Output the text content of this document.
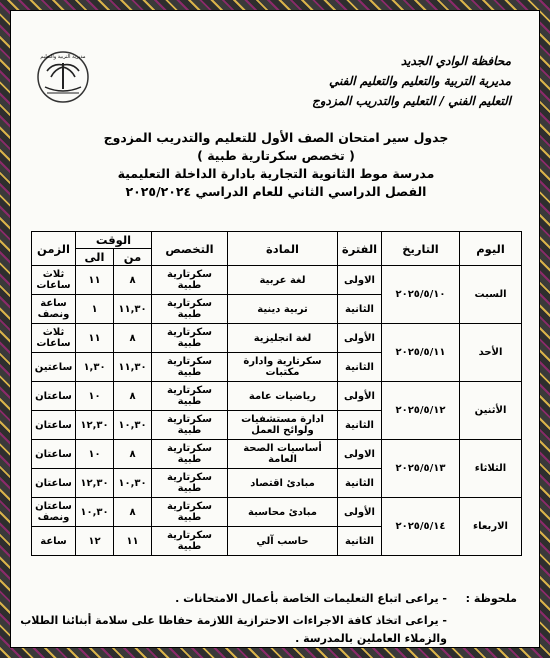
محافظة الوادي الجديد
مديرية التربية والتعليم والتعليم الفني
التعليم الفني / التعليم والتدريب المزدوج
مديرية التربية والتعليم
جدول سير امتحان الصف الأول للتعليم والتدريب المزدوج
( تخصص سكرتارية طبية )
مدرسة موط الثانوية التجارية بادارة الداخلة التعليمية
الفصل الدراسي الثاني للعام الدراسي ٢٠٢٥/٢٠٢٤
اليوم	التاريخ	الفترة	المادة	التخصص	الوقت		الزمن
					من	الى	
السبت	٢٠٢٥/٥/١٠	الاولى	لغة عربية	سكرتارية طبية	٨	١١	ثلاث ساعات
		الثانية	تربية دينية	سكرتارية طبية	١١,٣٠	١	ساعة ونصف
الأحد	٢٠٢٥/٥/١١	الأولى	لغة انجليزية	سكرتارية طبية	٨	١١	ثلاث ساعات
		الثانية	سكرتارية وادارة مكتبات	سكرتارية طبية	١١,٣٠	١,٣٠	ساعتين
الأثنين	٢٠٢٥/٥/١٢	الأولى	رياضيات عامة	سكرتارية طبية	٨	١٠	ساعتان
		الثانية	ادارة مستشفيات ولوائح العمل	سكرتارية طبية	١٠,٣٠	١٢,٣٠	ساعتان
الثلاثاء	٢٠٢٥/٥/١٣	الاولى	أساسيات الصحة العامة	سكرتارية طبية	٨	١٠	ساعتان
		الثانية	مبادئ اقتصاد	سكرتارية طبية	١٠,٣٠	١٢,٣٠	ساعتان
الاربعاء	٢٠٢٥/٥/١٤	الأولى	مبادئ محاسبة	سكرتارية طبية	٨	١٠,٣٠	ساعتان ونصف
		الثانية	حاسب آلي	سكرتارية طبية	١١	١٢	ساعة
ملحوظة :
- يراعى اتباع التعليمات الخاصة بأعمال الامتحانات .
- يراعى اتخاذ كافة الاجراءات الاحترازية اللازمة حفاظا على سلامة أبنائنا الطلاب
والزملاء العاملين بالمدرسة .
